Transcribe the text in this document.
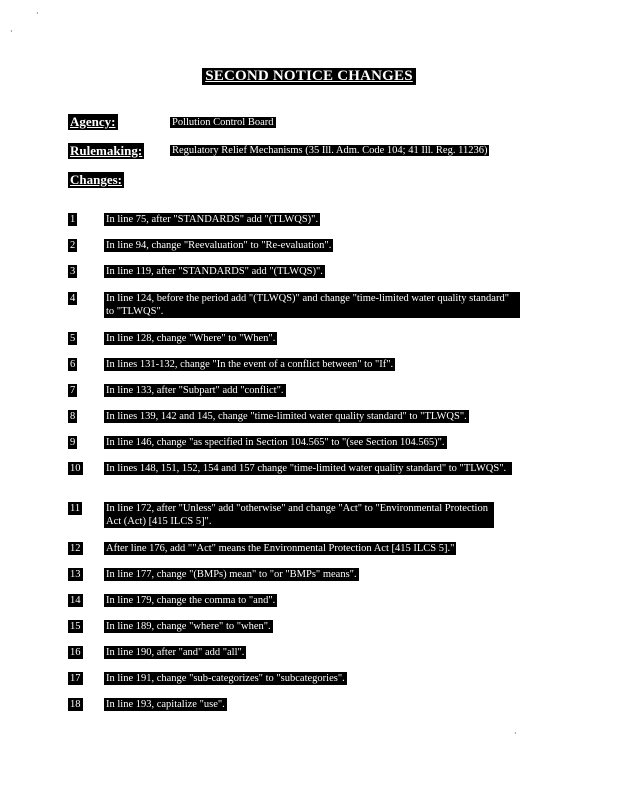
·
·
SECOND NOTICE CHANGES
Agency:	Pollution Control Board
Rulemaking:	Regulatory Relief Mechanisms (35 Ill. Adm. Code 104; 41 Ill. Reg. 11236)
Changes:
1	In line 75, after "STANDARDS" add "(TLWQS)".
2	In line 94, change "Reevaluation" to "Re-evaluation".
3	In line 119, after "STANDARDS" add "(TLWQS)".
4	In line 124, before the period add "(TLWQS)" and change "time-limited water quality standard" to "TLWQS".
5	In line 128, change "Where" to "When".
6	In lines 131-132, change "In the event of a conflict between" to "If".
7	In line 133, after "Subpart" add "conflict".
8	In lines 139, 142 and 145, change "time-limited water quality standard" to "TLWQS".
9	In line 146, change "as specified in Section 104.565" to "(see Section 104.565)".
10 In lines 148, 151, 152, 154 and 157 change "time-limited water quality standard" to "TLWQS".
11 In line 172, after "Unless" add "otherwise" and change "Act" to "Environmental Protection Act (Act) [415 ILCS 5]".
12 After line 176, add ""Act" means the Environmental Protection Act [415 ILCS 5]."
13 In line 177, change "(BMPs) mean" to "or "BMPs" means".
14 In line 179, change the comma to "and".
15 In line 189, change "where" to "when".
16 In line 190, after "and" add "all".
17 In line 191, change "sub-categorizes" to "subcategories".
18 In line 193, capitalize "use".
·
